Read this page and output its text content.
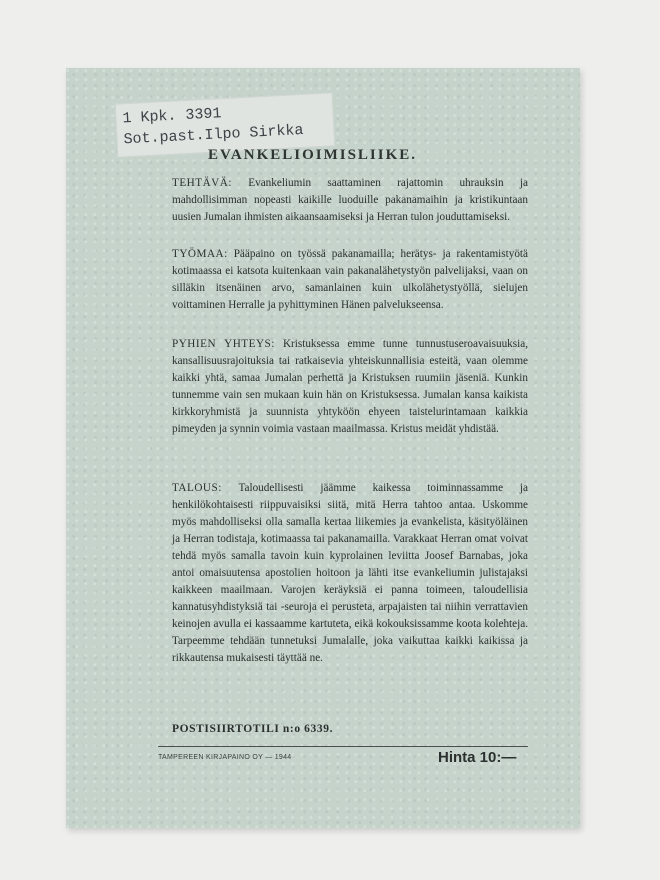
1 Kpk. 3391
Sot.past.Ilpo Sirkka
EVANKELIOIMISLIIKE.
TEHTÄVÄ: Evankeliumin saattaminen rajattomin uhrauksin ja mahdollisimman nopeasti kaikille luoduille pakanamaihin ja kristikuntaan uusien Jumalan ihmisten aikaansaamiseksi ja Herran tulon jouduttamiseksi.
TYÖMAA: Pääpaino on työssä pakanamailla; herätys- ja rakentamistyötä kotimaassa ei katsota kuitenkaan vain pakanalähetystyön palvelijaksi, vaan on silläkin itsenäinen arvo, samanlainen kuin ulkolähetystyöllä, sielujen voittaminen Herralle ja pyhittyminen Hänen palvelukseensa.
PYHIEN YHTEYS: Kristuksessa emme tunne tunnustuseroavaisuuksia, kansallisuusrajoituksia tai ratkaisevia yhteiskunnallisia esteitä, vaan olemme kaikki yhtä, samaa Jumalan perhettä ja Kristuksen ruumiin jäseniä. Kunkin tunnemme vain sen mukaan kuin hän on Kristuksessa. Jumalan kansa kaikista kirkkoryhmistä ja suunnista yhtyköön ehyeen taistelurintamaan kaikkia pimeyden ja synnin voimia vastaan maailmassa. Kristus meidät yhdistää.
TALOUS: Taloudellisesti jäämme kaikessa toiminnassamme ja henkilökohtaisesti riippuvaisiksi siitä, mitä Herra tahtoo antaa. Uskomme myös mahdolliseksi olla samalla kertaa liikemies ja evankelista, käsityöläinen ja Herran todistaja, kotimaassa tai pakanamailla. Varakkaat Herran omat voivat tehdä myös samalla tavoin kuin kyprolainen leviitta Joosef Barnabas, joka antoi omaisuutensa apostolien hoitoon ja lähti itse evankeliumin julistajaksi kaikkeen maailmaan. Varojen keräyksiä ei panna toimeen, taloudellisia kannatusyhdistyksiä tai -seuroja ei perusteta, arpajaisten tai niihin verrattavien keinojen avulla ei kassaamme kartuteta, eikä kokouksissamme koota kolehteja. Tarpeemme tehdään tunnetuksi Jumalalle, joka vaikuttaa kaikki kaikissa ja rikkautensa mukaisesti täyttää ne.
POSTISIIRTOTILI n:o 6339.
TAMPEREEN KIRJAPAINO OY — 1944	Hinta 10:—
